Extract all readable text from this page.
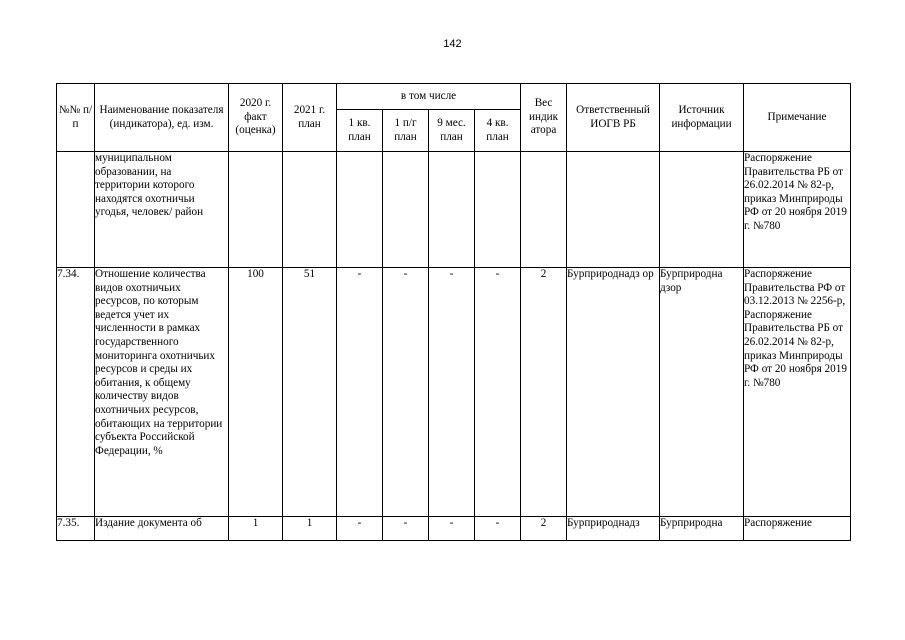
142
№№ п/п	Наименование показателя (индикатора), ед. изм.	2020 г. факт (оценка)	2021 г. план	в том числе				Вес индик атора	Ответственный ИОГВ РБ	Источник информации	Примечание
				1 кв. план	1 п/г план	9 мес. план	4 кв. план				
	муниципальном образовании, на территории которого находятся охотничьи угодья, человек/ район										Распоряжение Правительства РБ от 26.02.2014 № 82-р, приказ Минприроды РФ от 20 ноября 2019 г. №780
7.34.	Отношение количества видов охотничьих ресурсов, по которым ведется учет их численности в рамках государственного мониторинга охотничьих ресурсов и среды их обитания, к общему количеству видов охотничьих ресурсов, обитающих на территории субъекта Российской Федерации, %	100	51	-	-	-	-	2	Бурприроднадз ор	Бурприродна дзор	Распоряжение Правительства РФ от 03.12.2013 № 2256-р, Распоряжение Правительства РБ от 26.02.2014 № 82-р, приказ Минприроды РФ от 20 ноября 2019 г. №780
7.35.	Издание документа об	1	1	-	-	-	-	2	Бурприроднадз	Бурприродна	Распоряжение
